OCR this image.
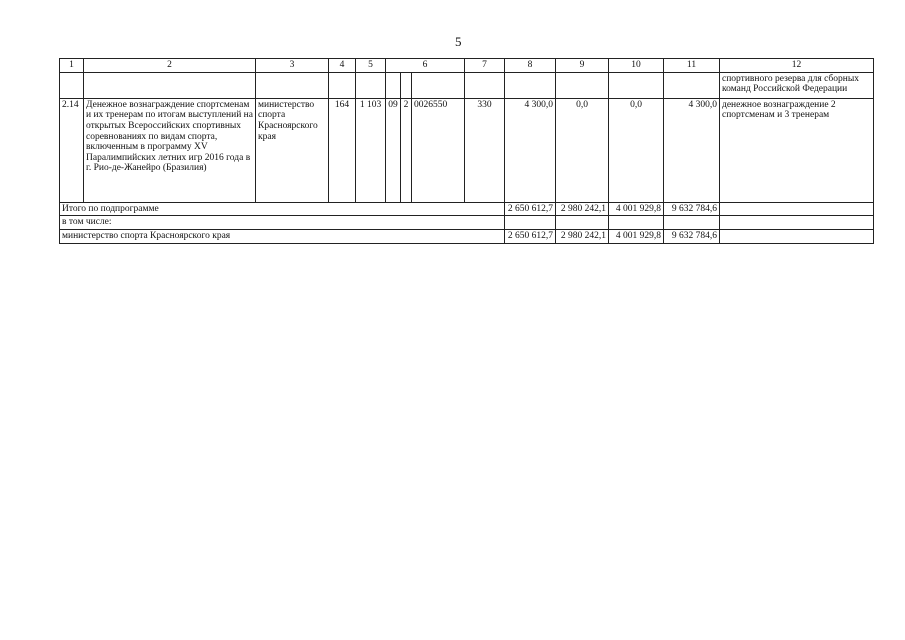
5
1	2	3	4	5	6			7	8	9	10	11	12
													спортивного резерва для сборных команд Российской Федерации
2.14	Денежное вознаграждение спортсменам и их тренерам по итогам выступлений на открытых Всероссийских спортивных соревнованиях по видам спорта, включенным в программу XV Паралимпийских летних игр 2016 года в г. Рио-де-Жанейро (Бразилия)	министерство спорта Красноярского края	164	1 103	09	2	0026550	330	4 300,0	0,0	0,0	4 300,0	денежное вознаграждение 2 спортсменам и 3 тренерам
Итого по подпрограмме									2 650 612,7	2 980 242,1	4 001 929,8	9 632 784,6	
в том числе:													
министерство спорта Красноярского края									2 650 612,7	2 980 242,1	4 001 929,8	9 632 784,6	
